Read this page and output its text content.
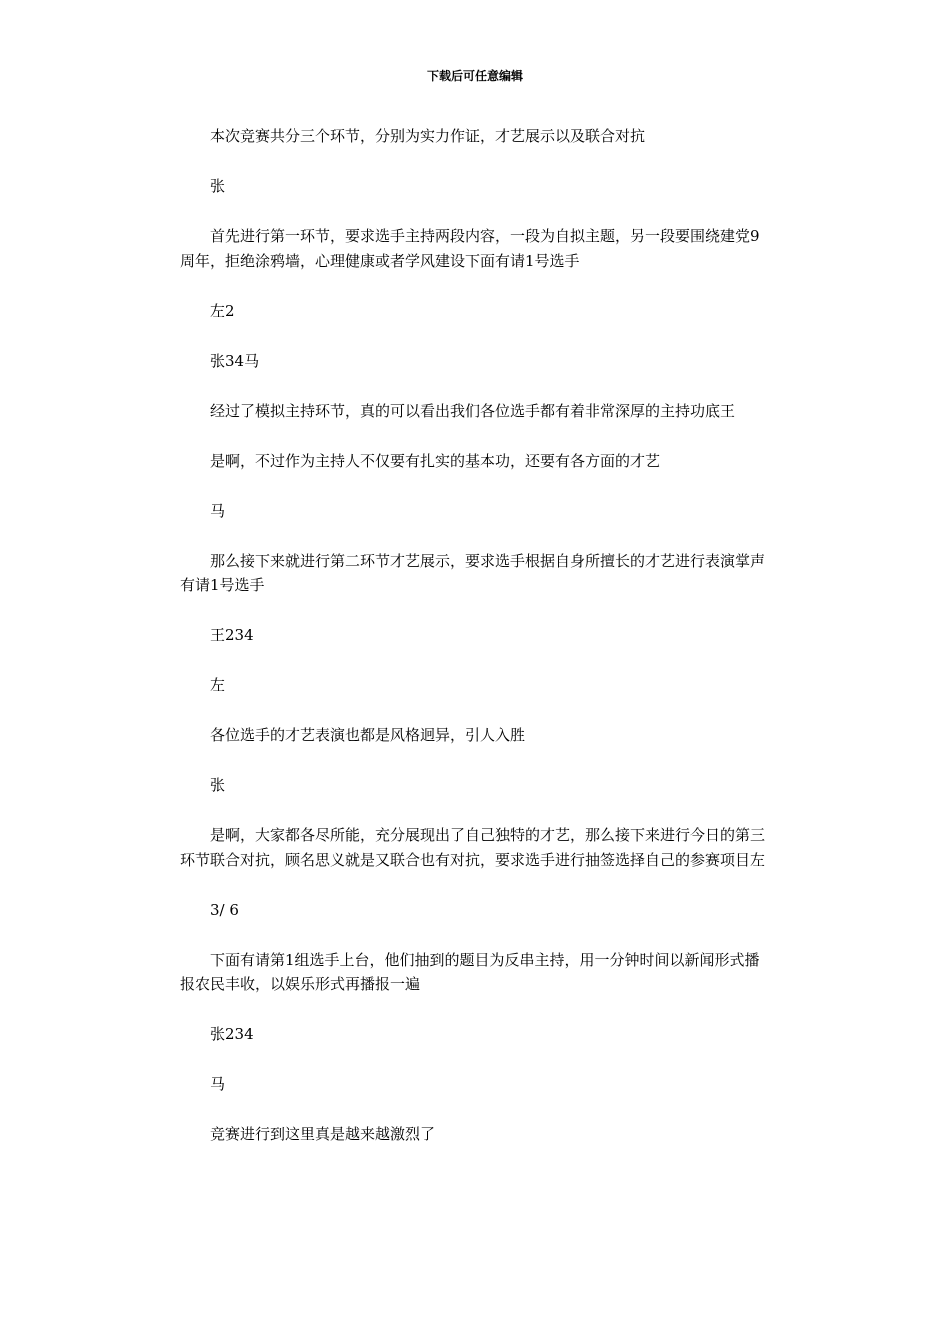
下载后可任意编辑

本次竞赛共分三个环节，分别为实力作证，才艺展示以及联合对抗

张

首先进行第一环节，要求选手主持两段内容，一段为自拟主题，另一段要围绕建党9周年，拒绝涂鸦墙，心理健康或者学风建设下面有请1号选手

左2

张34马

经过了模拟主持环节，真的可以看出我们各位选手都有着非常深厚的主持功底王

是啊，不过作为主持人不仅要有扎实的基本功，还要有各方面的才艺

马

那么接下来就进行第二环节才艺展示，要求选手根据自身所擅长的才艺进行表演掌声有请1号选手

王234

左

各位选手的才艺表演也都是风格迥异，引人入胜

张

是啊，大家都各尽所能，充分展现出了自己独特的才艺，那么接下来进行今日的第三环节联合对抗，顾名思义就是又联合也有对抗，要求选手进行抽签选择自己的参赛项目左

3/ 6

下面有请第1组选手上台，他们抽到的题目为反串主持，用一分钟时间以新闻形式播报农民丰收，以娱乐形式再播报一遍

张234

马

竞赛进行到这里真是越来越激烈了
